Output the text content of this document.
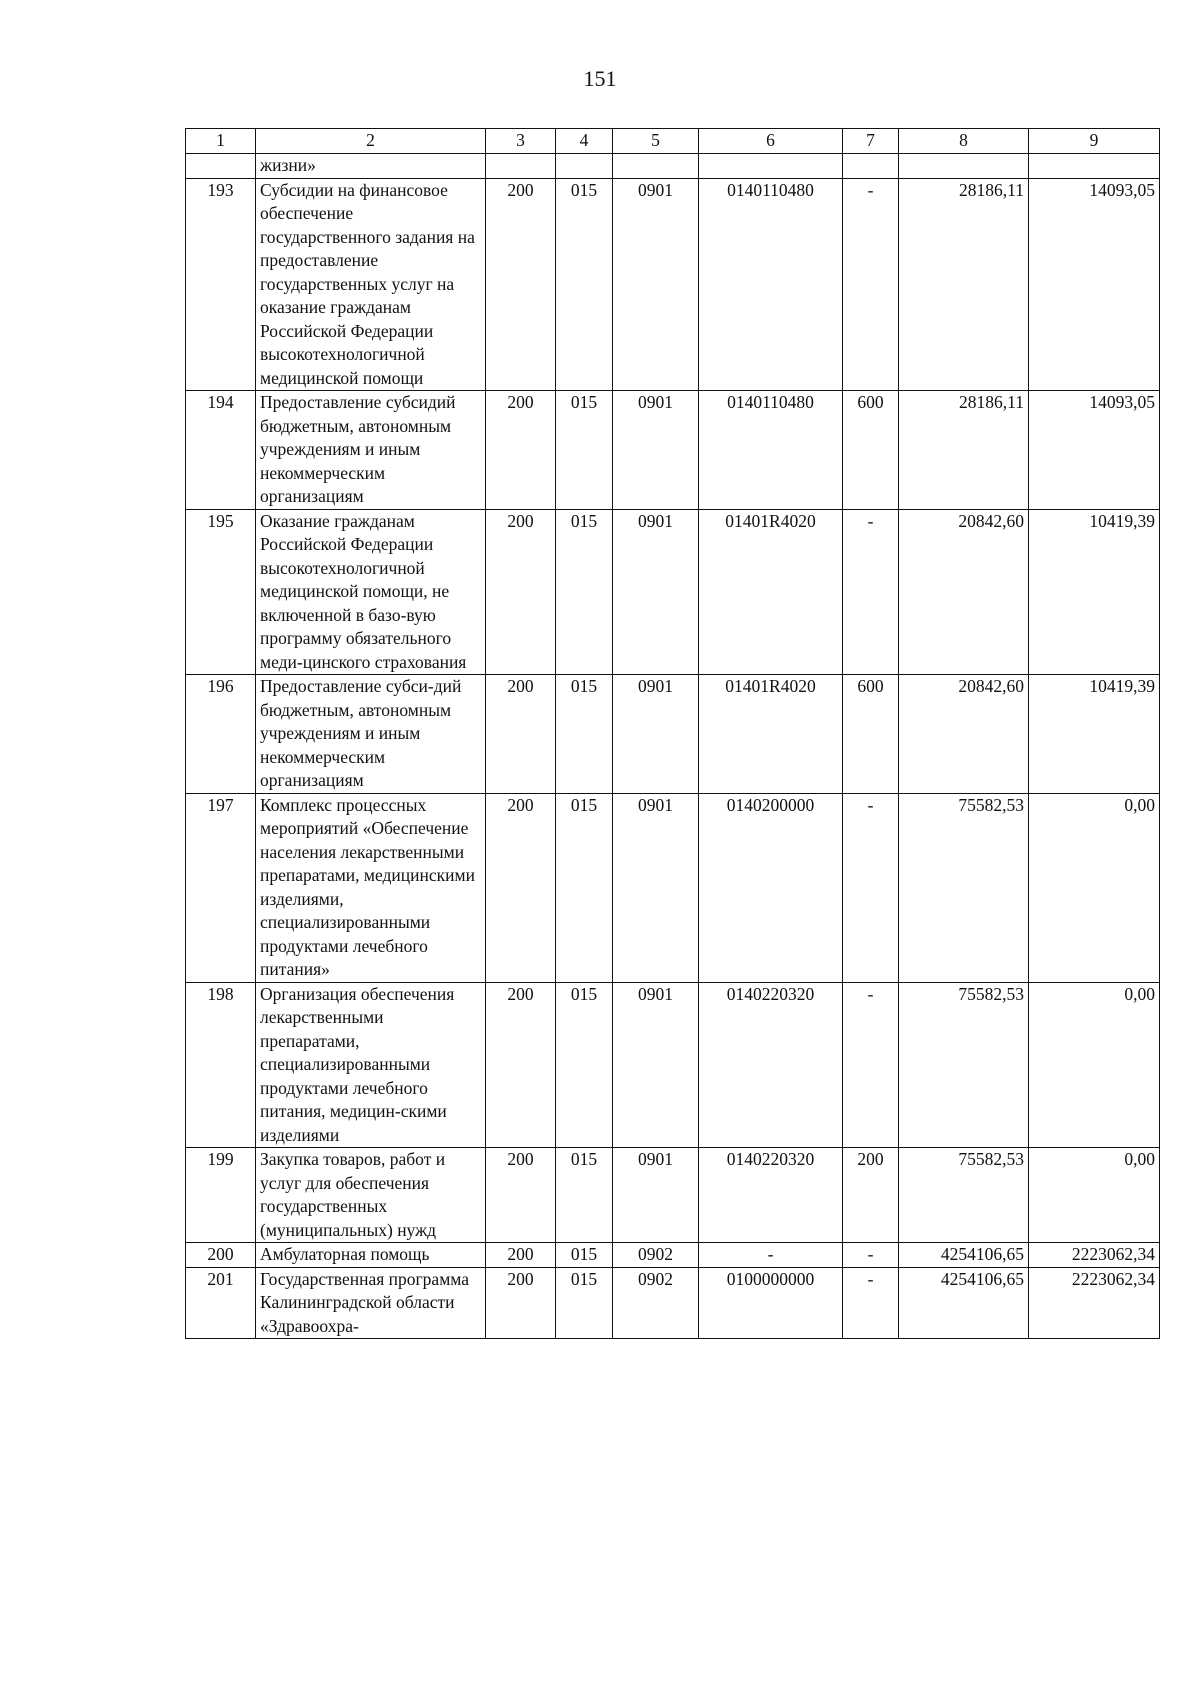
151
1	2	3	4	5	6	7	8	9
	жизни»							
193	Субсидии на финансовое обеспечение государственного задания на предоставление государственных услуг на оказание гражданам Российской Федерации высокотехнологичной медицинской помощи	200	015	0901	0140110480	-	28186,11	14093,05
194	Предоставление субсидий бюджетным, автономным учреждениям и иным некоммерческим организациям	200	015	0901	0140110480	600	28186,11	14093,05
195	Оказание гражданам Российской Федерации высокотехнологичной медицинской помощи, не включенной в базо-вую программу обязательного меди-цинского страхования	200	015	0901	01401R4020	-	20842,60	10419,39
196	Предоставление субси-дий бюджетным, автономным учреждениям и иным некоммерческим организациям	200	015	0901	01401R4020	600	20842,60	10419,39
197	Комплекс процессных мероприятий «Обеспечение населения лекарственными препаратами, медицинскими изделиями, специализированными продуктами лечебного питания»	200	015	0901	0140200000	-	75582,53	0,00
198	Организация обеспечения лекарственными препаратами, специализированными продуктами лечебного питания, медицин-скими изделиями	200	015	0901	0140220320	-	75582,53	0,00
199	Закупка товаров, работ и услуг для обеспечения государственных (муниципальных) нужд	200	015	0901	0140220320	200	75582,53	0,00
200	Амбулаторная помощь	200	015	0902	-	-	4254106,65	2223062,34
201	Государственная программа Калининградской области «Здравоохра-	200	015	0902	0100000000	-	4254106,65	2223062,34
